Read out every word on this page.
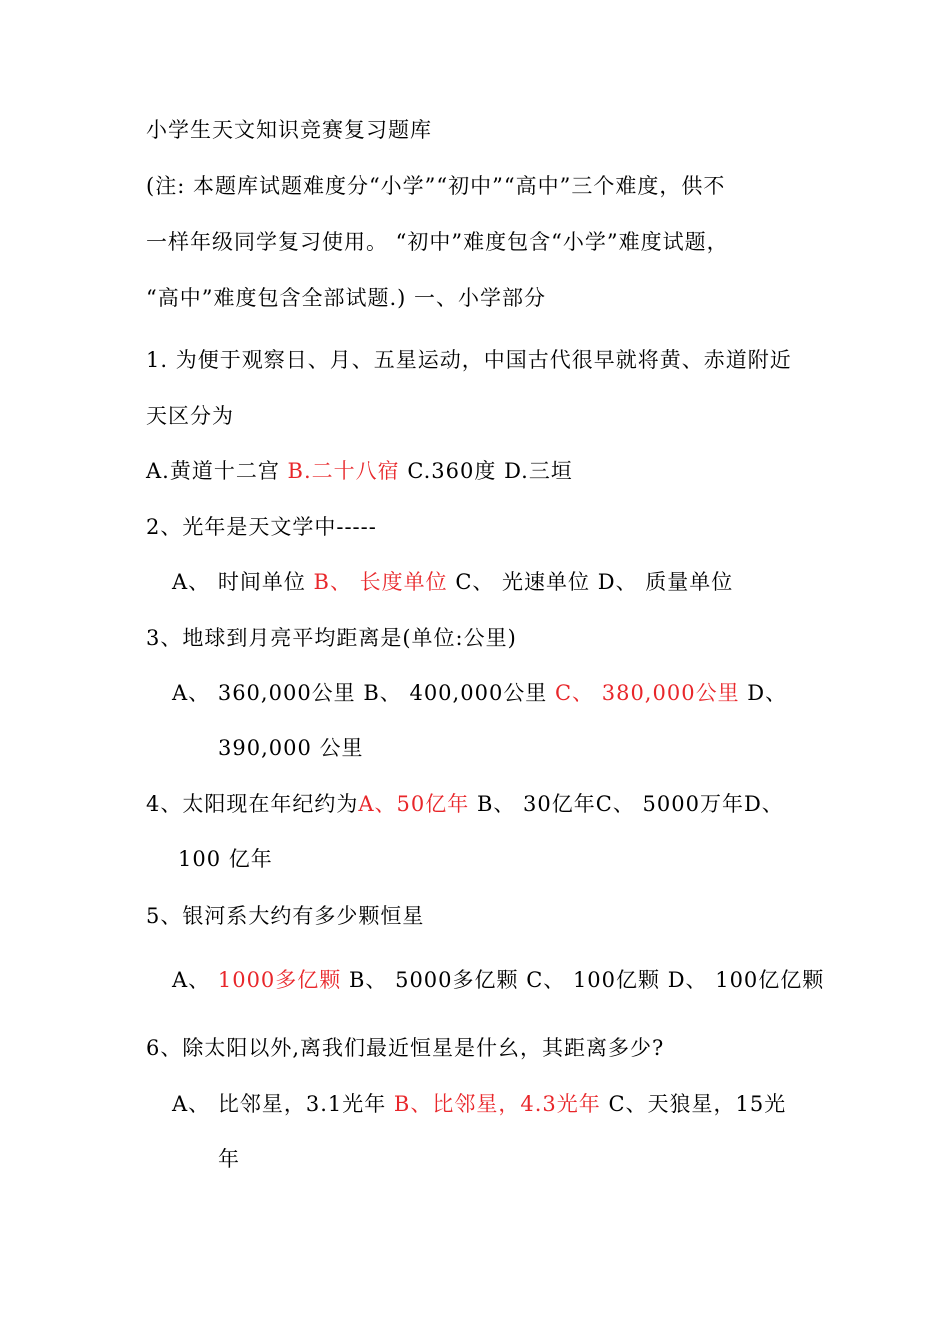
小学生天文知识竞赛复习题库
(注: 本题库试题难度分“小学”“初中”“高中”三个难度，供不
一样年级同学复习使用。 “初中”难度包含“小学”难度试题，
“高中”难度包含全部试题.) 一、小学部分
1. 为便于观察日、月、五星运动，中国古代很早就将黄、赤道附近
天区分为
A.黄道十二宫 B.二十八宿 C.360度 D.三垣
2、光年是天文学中-----
A、 时间单位 B、 长度单位 C、 光速单位 D、 质量单位
3、地球到月亮平均距离是(单位:公里)
A、 360,000公里 B、 400,000公里 C、 380,000公里 D、
390,000 公里
4、太阳现在年纪约为A、50亿年 B、 30亿年C、 5000万年D、
100 亿年
5、银河系大约有多少颗恒星
A、 1000多亿颗 B、 5000多亿颗 C、 100亿颗 D、 100亿亿颗
6、除太阳以外,离我们最近恒星是什幺，其距离多少?
A、 比邻星，3.1光年 B、比邻星，4.3光年 C、天狼星，15光
年
